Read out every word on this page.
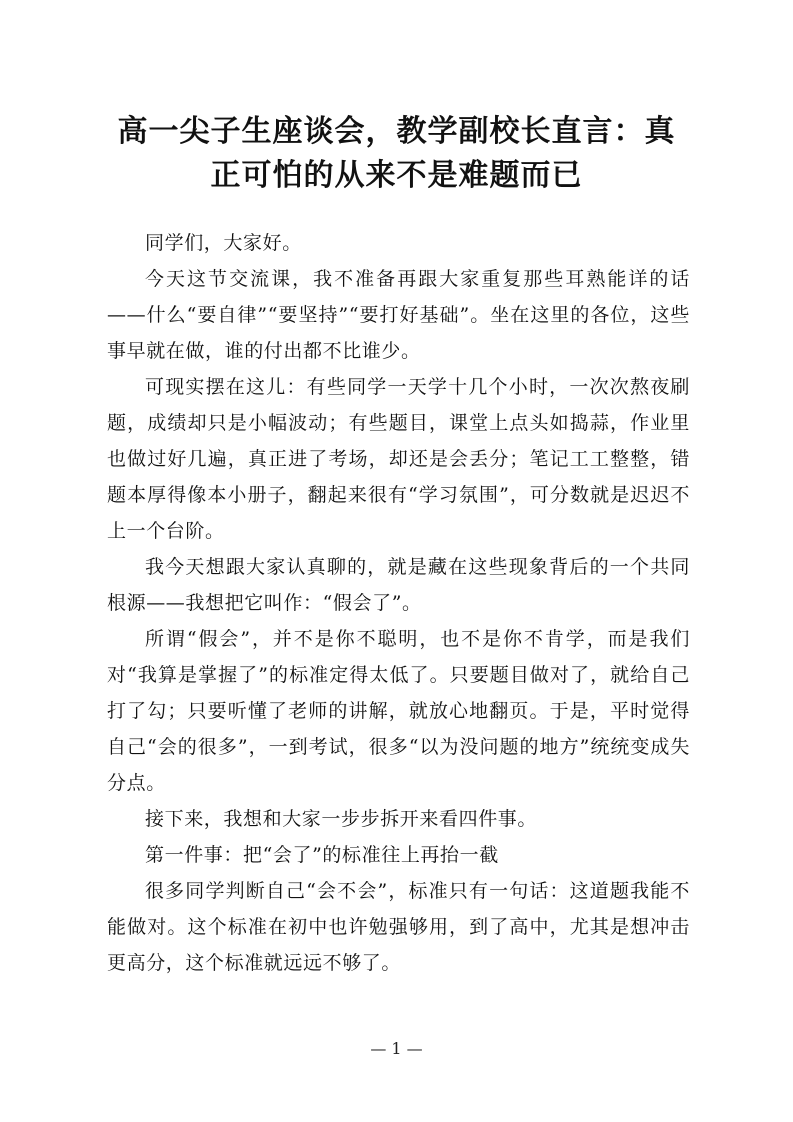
高一尖子生座谈会，教学副校长直言：真
正可怕的从来不是难题而已

同学们，大家好。

今天这节交流课，我不准备再跟大家重复那些耳熟能详的话——什么“要自律”“要坚持”“要打好基础”。坐在这里的各位，这些事早就在做，谁的付出都不比谁少。

可现实摆在这儿：有些同学一天学十几个小时，一次次熬夜刷题，成绩却只是小幅波动；有些题目，课堂上点头如捣蒜，作业里也做过好几遍，真正进了考场，却还是会丢分；笔记工工整整，错题本厚得像本小册子，翻起来很有“学习氛围”，可分数就是迟迟不上一个台阶。

我今天想跟大家认真聊的，就是藏在这些现象背后的一个共同根源——我想把它叫作：“假会了”。

所谓“假会”，并不是你不聪明，也不是你不肯学，而是我们对“我算是掌握了”的标准定得太低了。只要题目做对了，就给自己打了勾；只要听懂了老师的讲解，就放心地翻页。于是，平时觉得自己“会的很多”，一到考试，很多“以为没问题的地方”统统变成失分点。

接下来，我想和大家一步步拆开来看四件事。

第一件事：把“会了”的标准往上再抬一截

很多同学判断自己“会不会”，标准只有一句话：这道题我能不能做对。这个标准在初中也许勉强够用，到了高中，尤其是想冲击更高分，这个标准就远远不够了。

— 1 —
